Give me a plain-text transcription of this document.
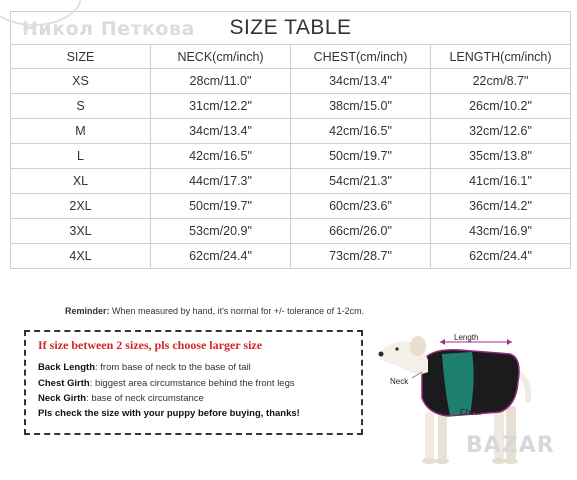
Никол Петкова SIZE TABLE			
SIZE	NECK(cm/inch)	CHEST(cm/inch)	LENGTH(cm/inch)
XS	28cm/11.0"	34cm/13.4"	22cm/8.7"
S	31cm/12.2"	38cm/15.0"	26cm/10.2"
M	34cm/13.4"	42cm/16.5"	32cm/12.6"
L	42cm/16.5"	50cm/19.7"	35cm/13.8"
XL	44cm/17.3"	54cm/21.3"	41cm/16.1"
2XL	50cm/19.7"	60cm/23.6"	36cm/14.2"
3XL	53cm/20.9"	66cm/26.0"	43cm/16.9"
4XL	62cm/24.4"	73cm/28.7"	62cm/24.4"
Reminder: When measured by hand, it's normal for +/- tolerance of 1-2cm.
If size between 2 sizes, pls choose larger size
Back Length: from base of neck to the base of tail
Chest Girth: biggest area circumstance behind the front legs
Neck Girth: base of neck circumstance
Pls check the size with your puppy before buying, thanks!
Length
Neck
Chest
BAZAR
